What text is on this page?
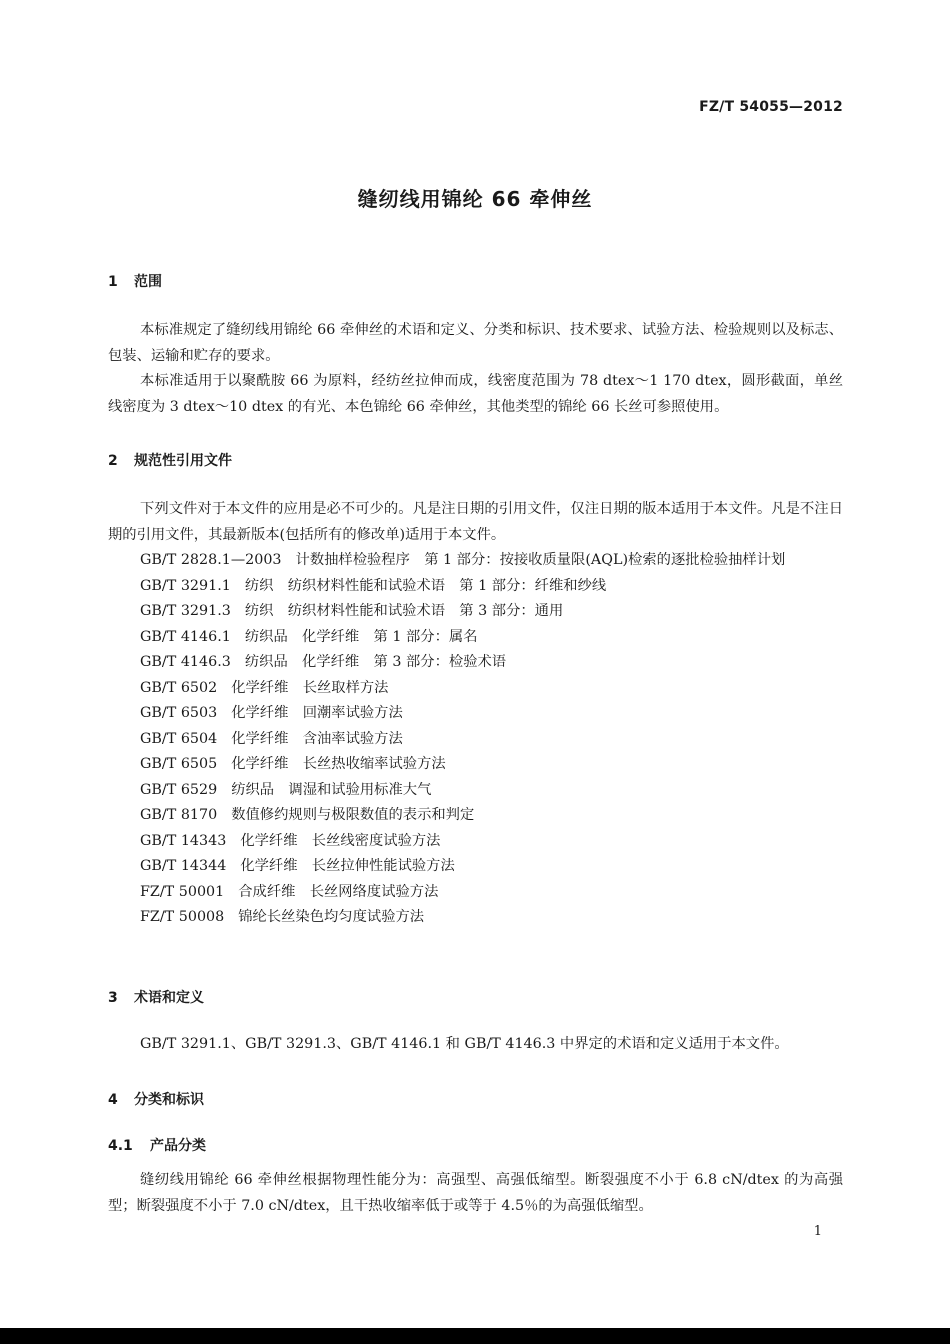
FZ/T 54055—2012
缝纫线用锦纶 66 牵伸丝
1 范围

本标准规定了缝纫线用锦纶 66 牵伸丝的术语和定义、分类和标识、技术要求、试验方法、检验规则以及标志、包装、运输和贮存的要求。

本标准适用于以聚酰胺 66 为原料，经纺丝拉伸而成，线密度范围为 78 dtex～1 170 dtex，圆形截面，单丝线密度为 3 dtex～10 dtex 的有光、本色锦纶 66 牵伸丝，其他类型的锦纶 66 长丝可参照使用。

2 规范性引用文件

下列文件对于本文件的应用是必不可少的。凡是注日期的引用文件，仅注日期的版本适用于本文件。凡是不注日期的引用文件，其最新版本(包括所有的修改单)适用于本文件。

GB/T 2828.1—2003 计数抽样检验程序　第 1 部分：按接收质量限(AQL)检索的逐批检验抽样计划

GB/T 3291.1 纺织　纺织材料性能和试验术语　第 1 部分：纤维和纱线

GB/T 3291.3 纺织　纺织材料性能和试验术语　第 3 部分：通用

GB/T 4146.1 纺织品　化学纤维　第 1 部分：属名

GB/T 4146.3 纺织品　化学纤维　第 3 部分：检验术语

GB/T 6502 化学纤维　长丝取样方法

GB/T 6503 化学纤维　回潮率试验方法

GB/T 6504 化学纤维　含油率试验方法

GB/T 6505 化学纤维　长丝热收缩率试验方法

GB/T 6529 纺织品　调湿和试验用标准大气

GB/T 8170 数值修约规则与极限数值的表示和判定

GB/T 14343 化学纤维　长丝线密度试验方法

GB/T 14344 化学纤维　长丝拉伸性能试验方法

FZ/T 50001 合成纤维　长丝网络度试验方法

FZ/T 50008 锦纶长丝染色均匀度试验方法

3 术语和定义

GB/T 3291.1、GB/T 3291.3、GB/T 4146.1 和 GB/T 4146.3 中界定的术语和定义适用于本文件。

4 分类和标识
4.1 产品分类

缝纫线用锦纶 66 牵伸丝根据物理性能分为：高强型、高强低缩型。断裂强度不小于 6.8 cN/dtex 的为高强型；断裂强度不小于 7.0 cN/dtex，且干热收缩率低于或等于 4.5％的为高强低缩型。

1
